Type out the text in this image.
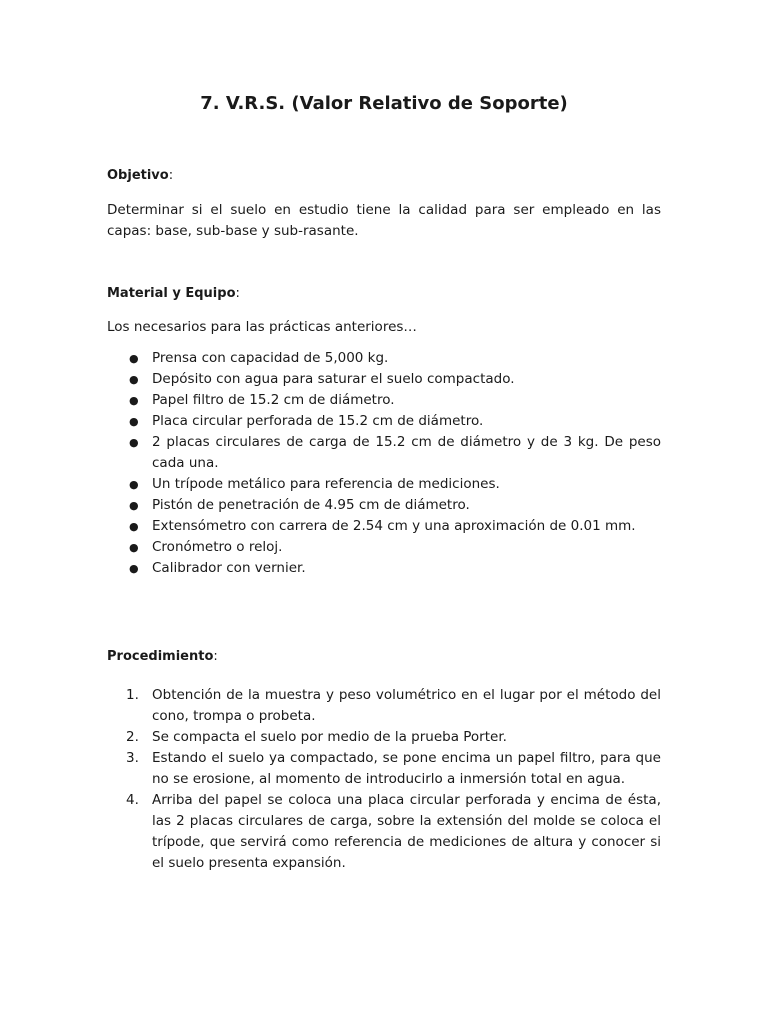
7. V.R.S. (Valor Relativo de Soporte)

Objetivo:

Determinar si el suelo en estudio tiene la calidad para ser empleado en las capas: base, sub-base y sub-rasante.

Material y Equipo:

Los necesarios para las prácticas anteriores…

● Prensa con capacidad de 5,000 kg.
● Depósito con agua para saturar el suelo compactado.
● Papel filtro de 15.2 cm de diámetro.
● Placa circular perforada de 15.2 cm de diámetro.
● 2 placas circulares de carga de 15.2 cm de diámetro y de 3 kg. De peso cada una.
● Un trípode metálico para referencia de mediciones.
● Pistón de penetración de 4.95 cm de diámetro.
● Extensómetro con carrera de 2.54 cm y una aproximación de 0.01 mm.
● Cronómetro o reloj.
● Calibrador con vernier.

Procedimiento:

1. Obtención de la muestra y peso volumétrico en el lugar por el método del cono, trompa o probeta.
2. Se compacta el suelo por medio de la prueba Porter.
3. Estando el suelo ya compactado, se pone encima un papel filtro, para que no se erosione, al momento de introducirlo a inmersión total en agua.
4. Arriba del papel se coloca una placa circular perforada y encima de ésta, las 2 placas circulares de carga, sobre la extensión del molde se coloca el trípode, que servirá como referencia de mediciones de altura y conocer si el suelo presenta expansión.
